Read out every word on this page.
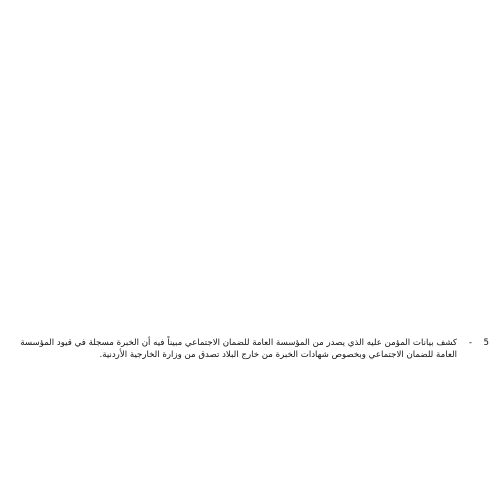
5
-
كشف بيانات المؤمن عليه الذي يصدر من المؤسسة العامة للضمان الاجتماعي مبيناً فيه أن الخبرة مسجلة في قيود المؤسسة العامة للضمان الاجتماعي وبخصوص شهادات الخبرة من خارج البلاد تصدق من وزارة الخارجية الأردنية.
